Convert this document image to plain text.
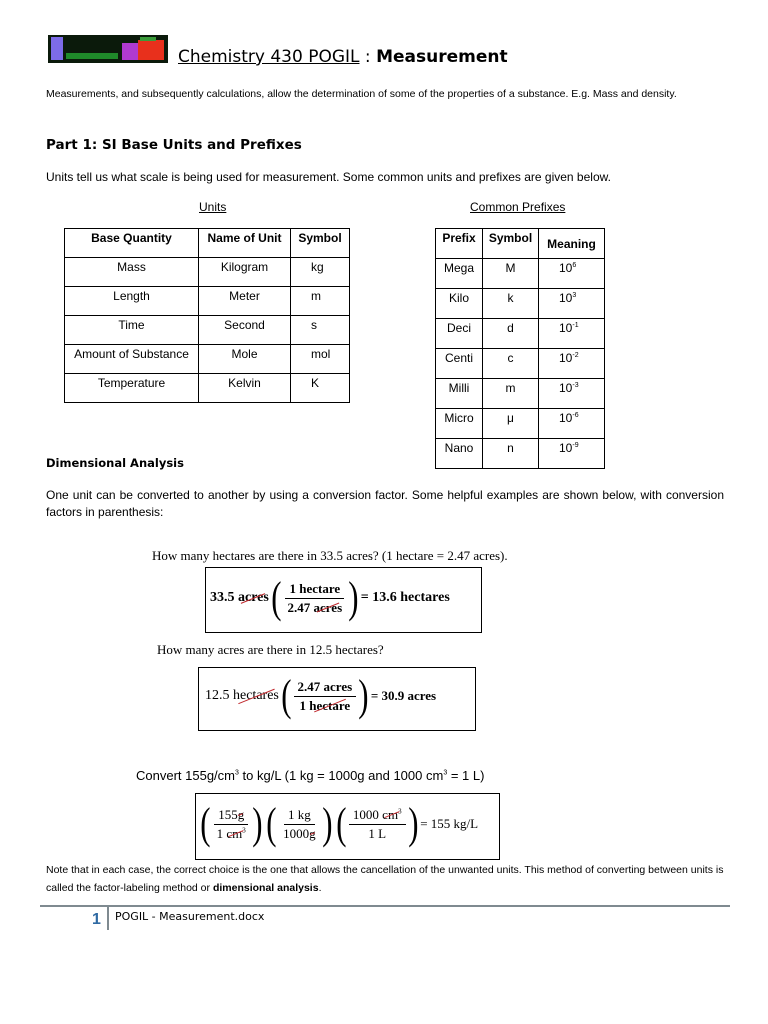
Chemistry 430 POGIL : Measurement
Measurements, and subsequently calculations, allow the determination of some of the properties of a substance. E.g. Mass and density.
Part 1: SI Base Units and Prefixes
Units tell us what scale is being used for measurement. Some common units and prefixes are given below.
Units	Common Prefixes
Base Quantity	Name of Unit	Symbol
Mass	Kilogram	kg
Length	Meter	m
Time	Second	s
Amount of Substance	Mole	mol
Temperature	Kelvin	K
Prefix	Symbol	Meaning
Mega	M	$10^6$
Kilo	k	$10^3$
Deci	d	$10^{-1}$
Centi	c	$10^{-2}$
Milli	m	$10^{-3}$
Micro	μ	$10^{-6}$
Nano	n	$10^{-9}$
Dimensional Analysis
One unit can be converted to another by using a conversion factor. Some helpful examples are shown below, with conversion factors in parenthesis:
How many hectares are there in 33.5 acres? (1 hectare = 2.47 acres).
33.5
acres ( $\frac{\text{1 hectare}}{\text{2.47 acres}}$ ) = 13.6 hectares
How many acres are there in 12.5 hectares?
12.5
hectares ( $\frac{\text{2.47 acres}}{\text{1 hectare}}$ ) = 30.9 acres
Convert $155g/cm^3$ to kg/L (1 kg = 1000g and 1000 $cm^3 = 1$ L)
( $\frac{155g}{1 cm^3}$ ) ( $\frac{1 kg}{1000g}$ ) ( $\frac{1000 cm^3}{1 L}$ ) = 155 kg/L
Note that in each case, the correct choice is the one that allows the cancellation of the unwanted units. This method of converting between units is called the factor-labeling method or dimensional analysis.
1 POGIL - Measurement.docx
